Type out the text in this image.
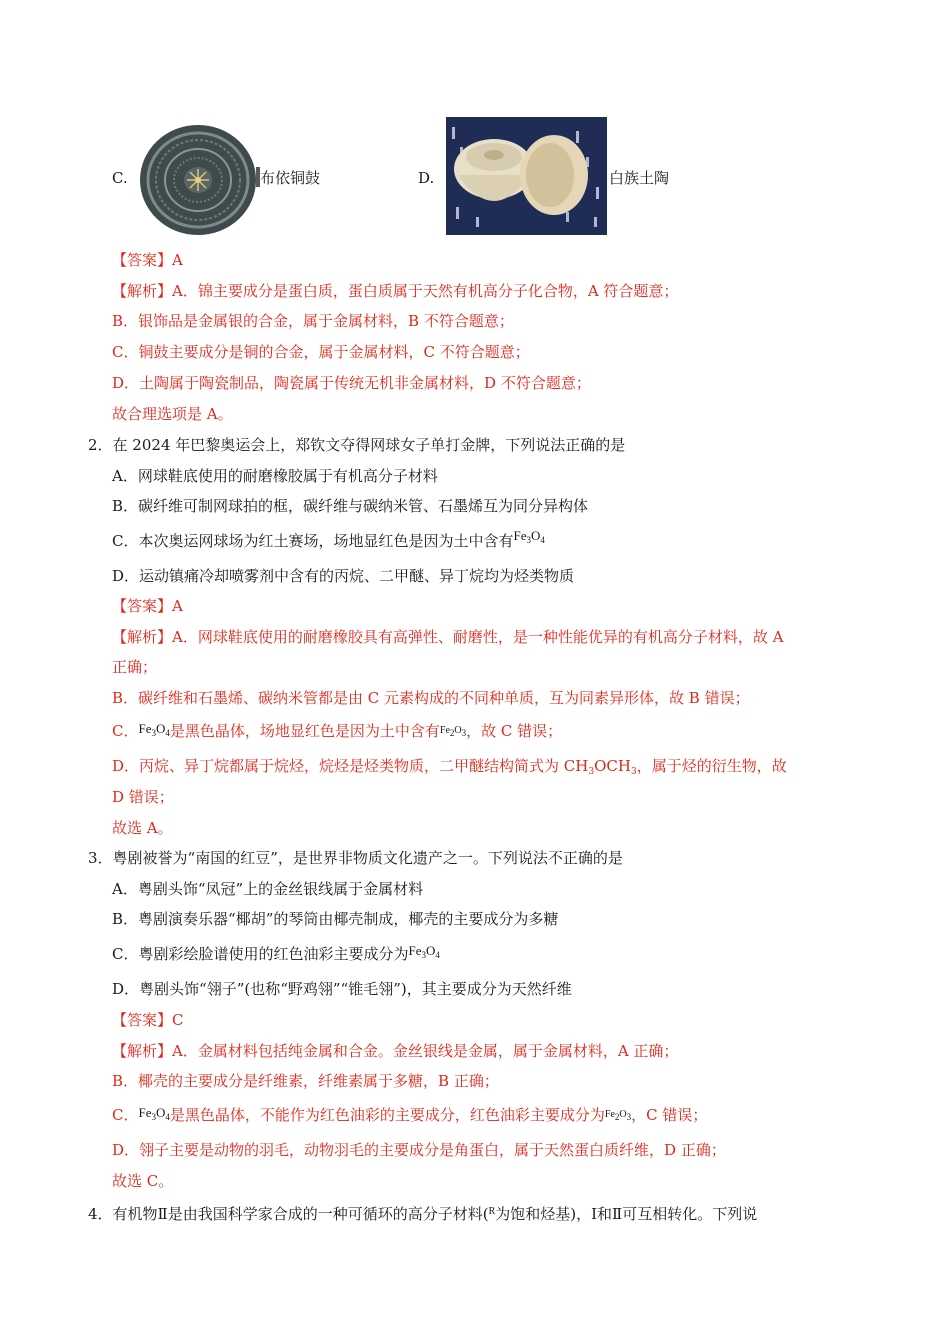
C.	布依铜鼓	D.	白族土陶
【答案】A
【解析】A．锦主要成分是蛋白质，蛋白质属于天然有机高分子化合物，A 符合题意；
B．银饰品是金属银的合金，属于金属材料，B 不符合题意；
C．铜鼓主要成分是铜的合金，属于金属材料，C 不符合题意；
D．土陶属于陶瓷制品，陶瓷属于传统无机非金属材料，D 不符合题意；
故合理选项是 A。
2．在 2024 年巴黎奥运会上，郑钦文夺得网球女子单打金牌，下列说法正确的是
A．网球鞋底使用的耐磨橡胶属于有机高分子材料
B．碳纤维可制网球拍的框，碳纤维与碳纳米管、石墨烯互为同分异构体
C．本次奥运网球场为红土赛场，场地显红色是因为土中含有$Fe_3O_4$
D．运动镇痛冷却喷雾剂中含有的丙烷、二甲醚、异丁烷均为烃类物质
【答案】A
【解析】A．网球鞋底使用的耐磨橡胶具有高弹性、耐磨性，是一种性能优异的有机高分子材料，故 A
正确；
B．碳纤维和石墨烯、碳纳米管都是由 C 元素构成的不同种单质，互为同素异形体，故 B 错误；
C．$Fe_3O_4$是黑色晶体，场地显红色是因为土中含有$^{Fe2O3}$，故 C 错误；
D．丙烷、异丁烷都属于烷烃，烷烃是烃类物质，二甲醚结构简式为 $CH_3OCH_3$，属于烃的衍生物，故
D 错误；
故选 A。
3．粤剧被誉为“南国的红豆”，是世界非物质文化遗产之一。下列说法不正确的是
A．粤剧头饰“凤冠”上的金丝银线属于金属材料
B．粤剧演奏乐器“椰胡”的琴筒由椰壳制成，椰壳的主要成分为多糖
C．粤剧彩绘脸谱使用的红色油彩主要成分为$Fe_3O_4$
D．粤剧头饰“翎子”(也称“野鸡翎”“锥毛翎”)，其主要成分为天然纤维
【答案】C
【解析】A．金属材料包括纯金属和合金。金丝银线是金属，属于金属材料，A 正确；
B．椰壳的主要成分是纤维素，纤维素属于多糖，B 正确；
C．$Fe_3O_4$是黑色晶体，不能作为红色油彩的主要成分，红色油彩主要成分为$^{Fe2O3}$，C 错误；
D．翎子主要是动物的羽毛，动物羽毛的主要成分是角蛋白，属于天然蛋白质纤维，D 正确；
故选 C。
4．有机物Ⅱ是由我国科学家合成的一种可循环的高分子材料($^R$为饱和烃基)，Ⅰ和Ⅱ可互相转化。下列说
